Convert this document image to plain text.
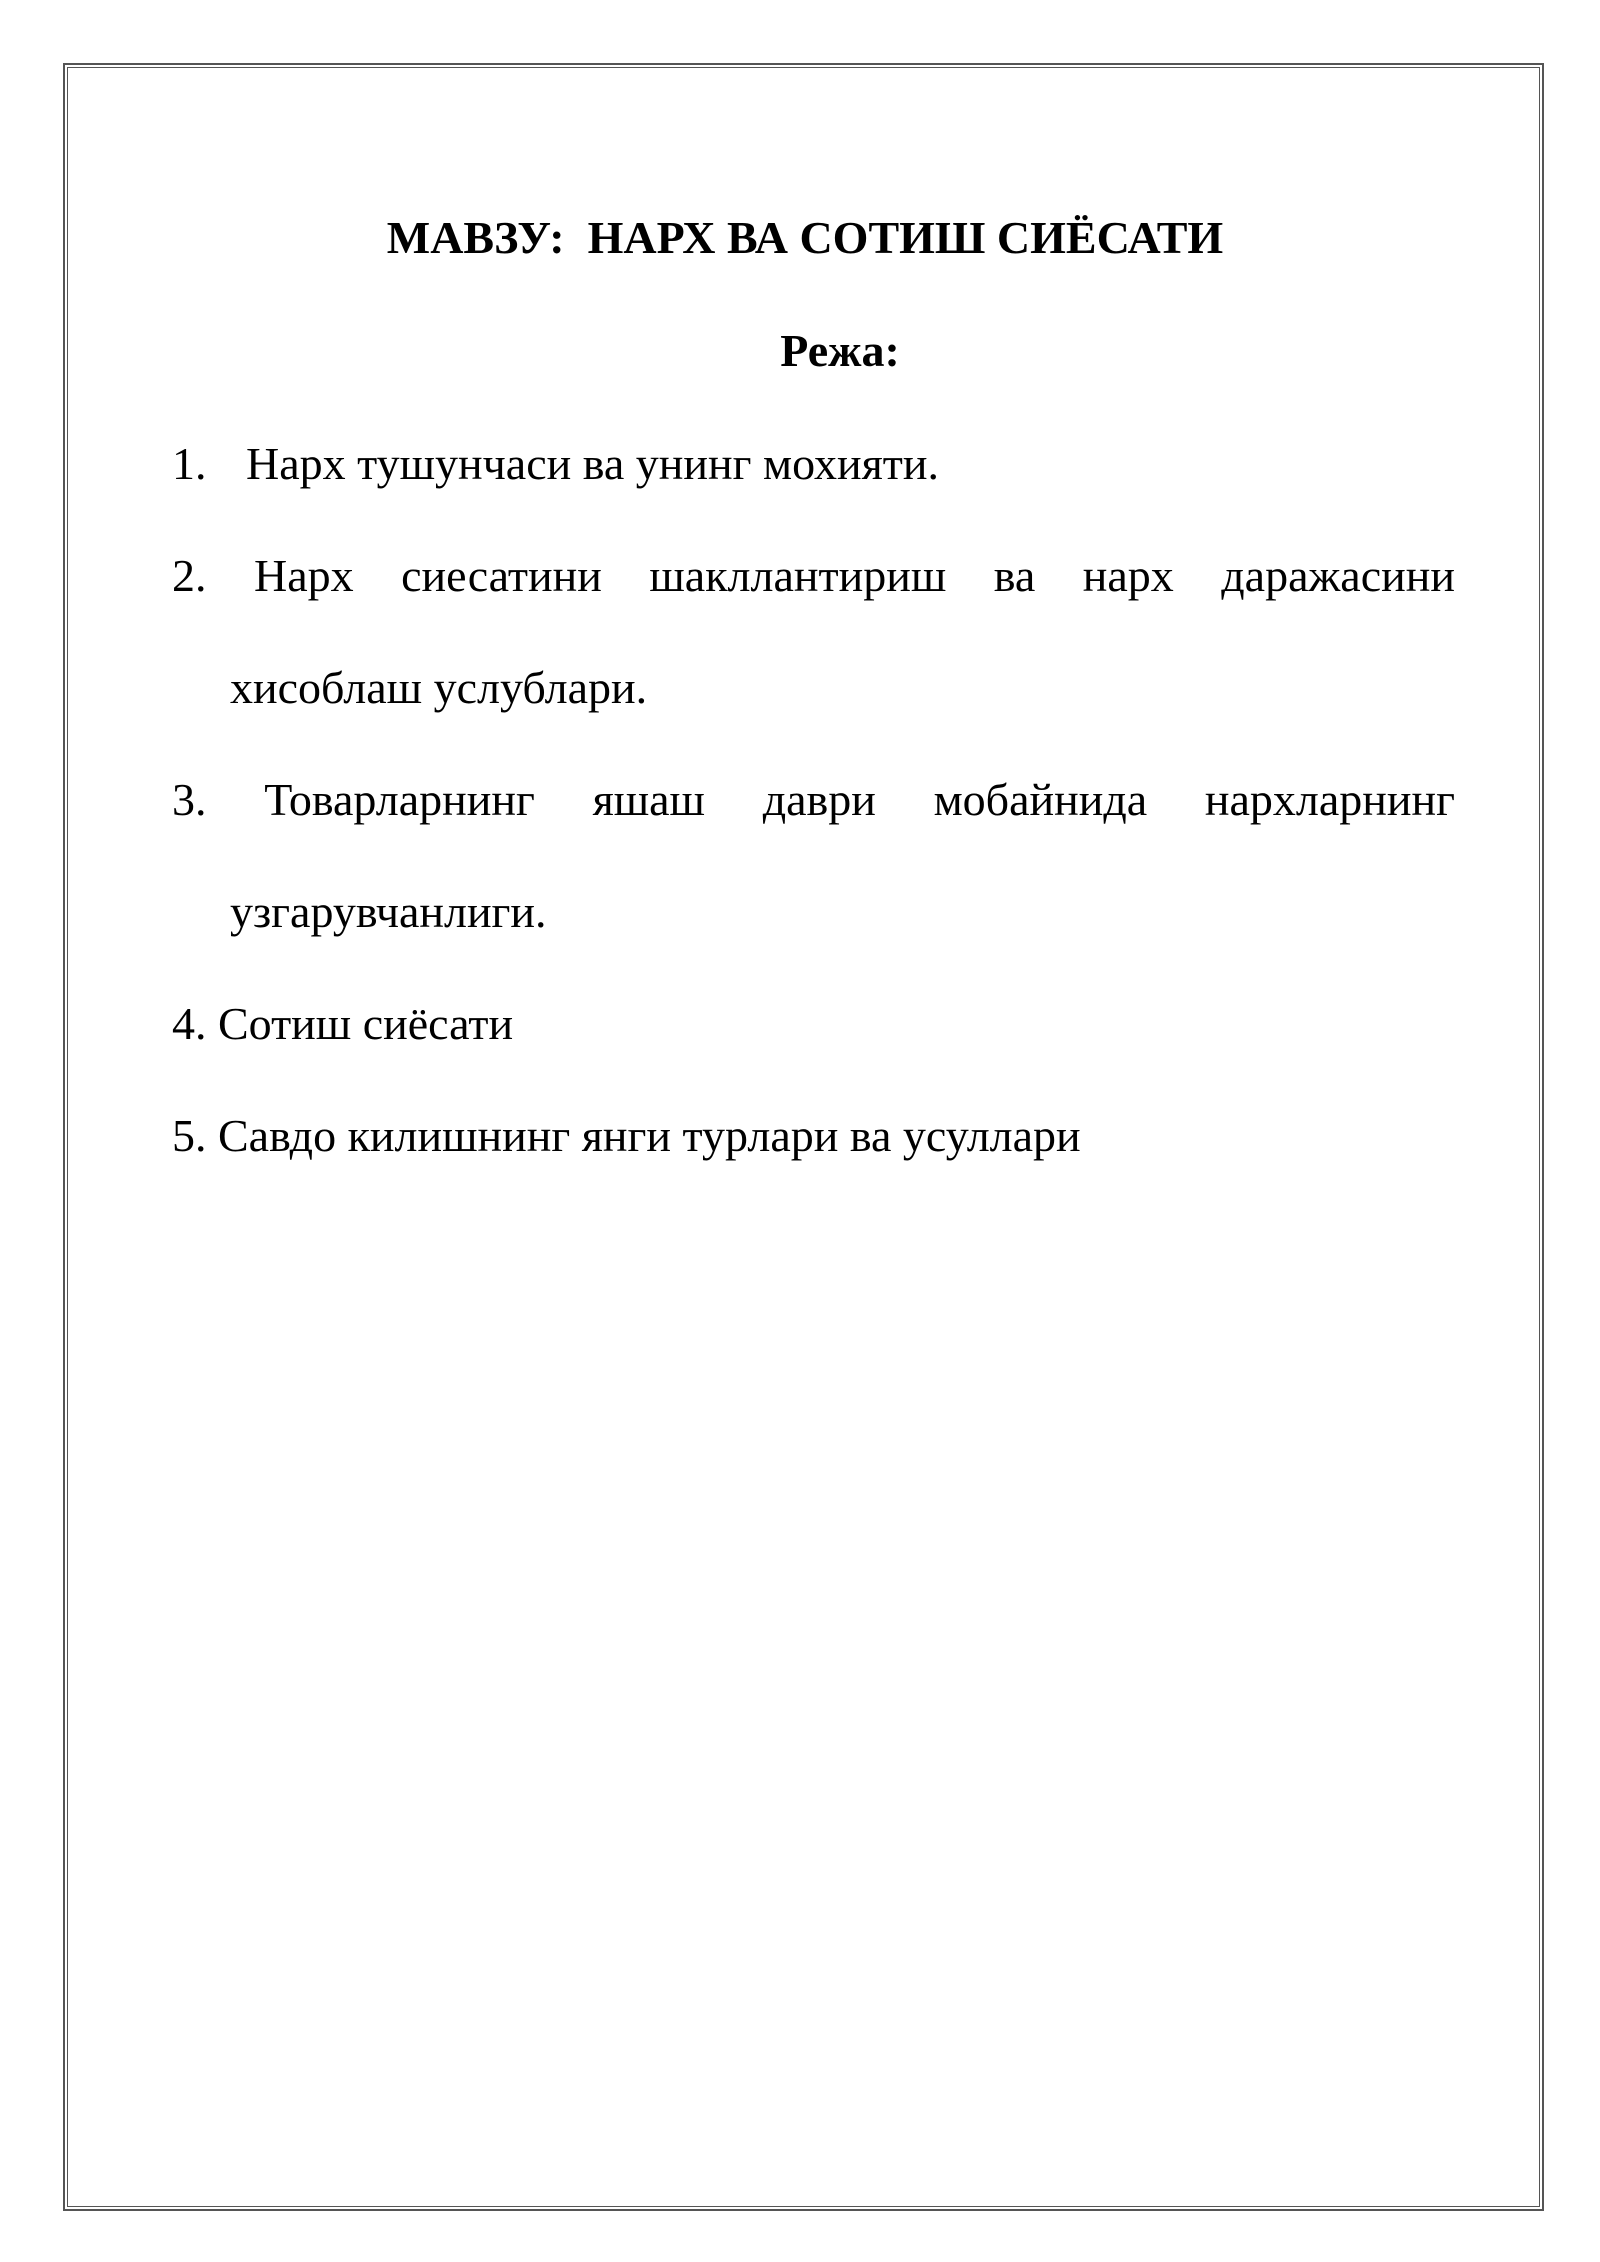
МАВЗУ:  НАРХ ВА СОТИШ СИЁСАТИ
Режа:
1. Нарх тушунчаси ва унинг мохияти.
2. Нарх сиесатини шакллантириш ва нарх даражасини
хисоблаш услублари.
3. Товарларнинг яшаш даври мобайнида нархларнинг
узгарувчанлиги.
4. Сотиш сиёсати
5. Савдо килишнинг янги турлари ва усуллари
